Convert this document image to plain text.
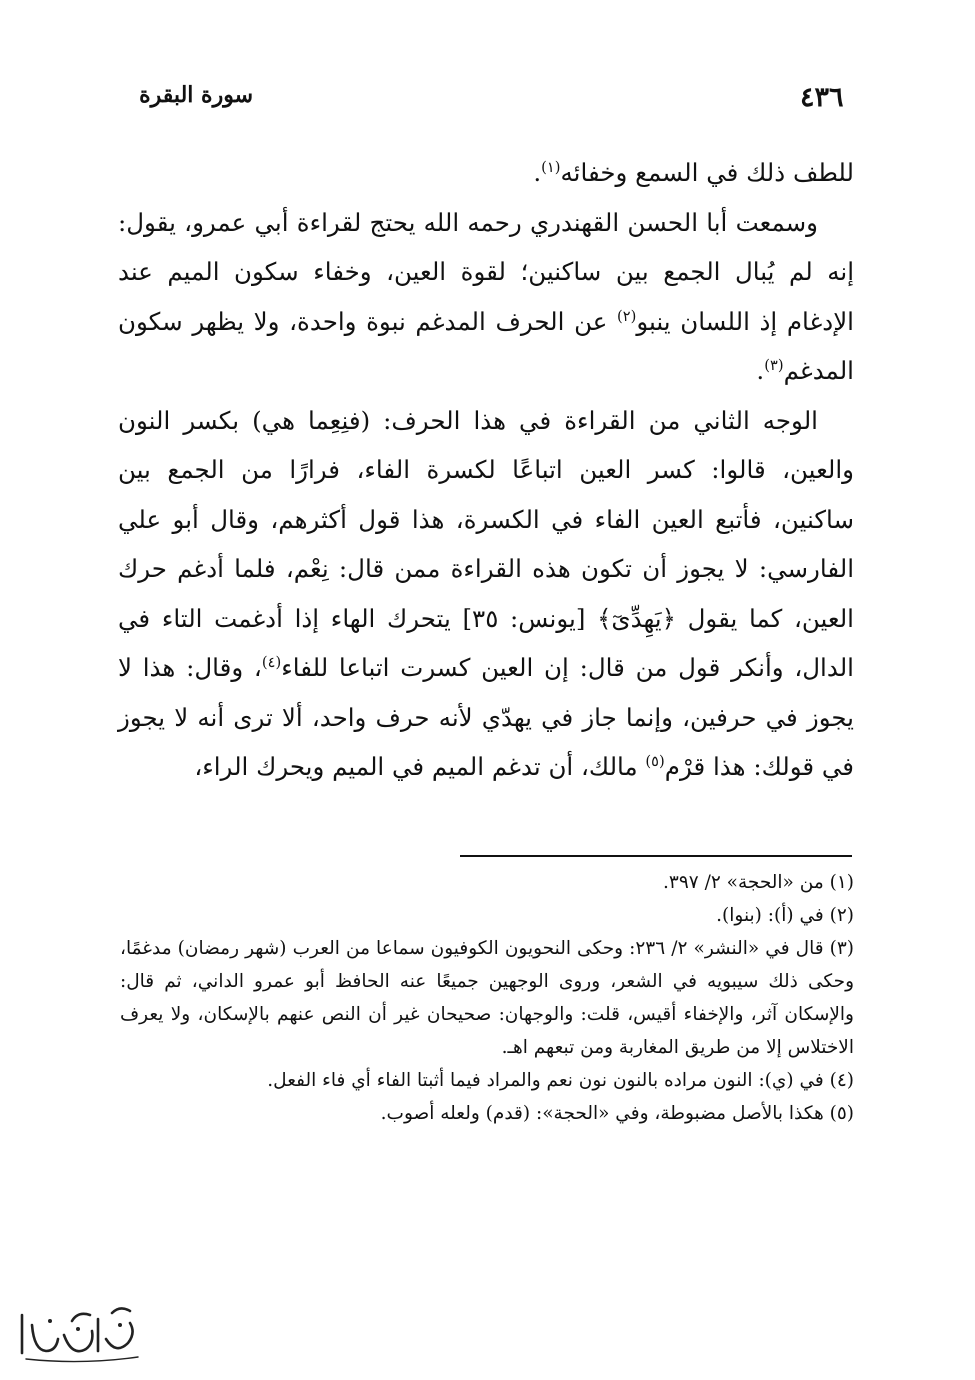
سورة البقرة	٤٣٦

للطف ذلك في السمع وخفائه$^{(١)}$.

وسمعت أبا الحسن القهندري رحمه الله يحتج لقراءة أبي عمرو، يقول: إنه لم يُبال الجمع بين ساكنين؛ لقوة العين، وخفاء سكون الميم عند الإدغام إذ اللسان ينبو$^{(٢)}$ عن الحرف المدغم نبوة واحدة، ولا يظهر سكون المدغم$^{(٣)}$.

الوجه الثاني من القراءة في هذا الحرف: (فنِعِما هي) بكسر النون والعين، قالوا: كسر العين اتباعًا لكسرة الفاء، فرارًا من الجمع بين ساكنين، فأتبع العين الفاء في الكسرة، هذا قول أكثرهم، وقال أبو علي الفارسي: لا يجوز أن تكون هذه القراءة ممن قال: نِعْم، فلما أدغم حرك العين، كما يقول ﴿يَهِدِّىٓ﴾ [يونس: ٣٥] يتحرك الهاء إذا أدغمت التاء في الدال، وأنكر قول من قال: إن العين كسرت اتباعا للفاء$^{(٤)}$، وقال: هذا لا يجوز في حرفين، وإنما جاز في يهدّي لأنه حرف واحد، ألا ترى أنه لا يجوز في قولك: هذا قرْم$^{(٥)}$ مالك، أن تدغم الميم في الميم ويحرك الراء،

(١) من «الحجة» ٢/ ٣٩٧.

(٢) في (أ): (بنوا).

(٣) قال في «النشر» ٢/ ٢٣٦: وحكى النحويون الكوفيون سماعا من العرب (شهر رمضان) مدغمًا، وحكى ذلك سيبويه في الشعر، وروى الوجهين جميعًا عنه الحافظ أبو عمرو الداني، ثم قال: والإسكان آثر، والإخفاء أقيس، قلت: والوجهان: صحيحان غير أن النص عنهم بالإسكان، ولا يعرف الاختلاس إلا من طريق المغاربة ومن تبعهم اهـ.

(٤) في (ي): النون مراده بالنون نون نعم والمراد فيما أثبتا الفاء أي فاء الفعل.

(٥) هكذا بالأصل مضبوطة، وفي «الحجة»: (قدم) ولعله أصوب.
